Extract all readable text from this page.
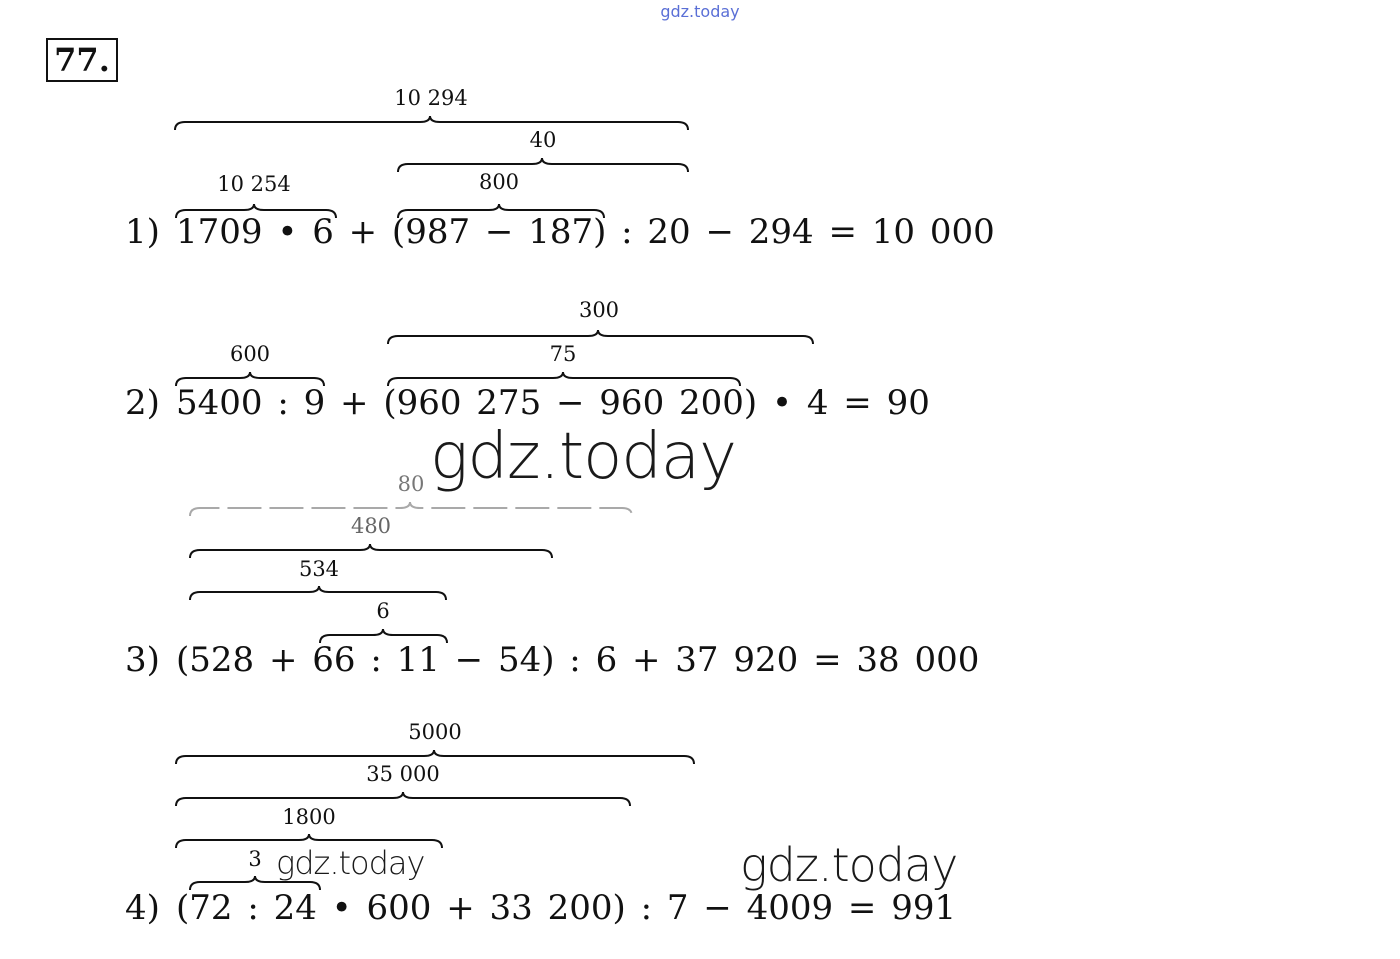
gdz.today
77.
10 294
40
10 254	800
1) 1709 • 6 + (987 − 187) : 20 − 294 = 10 000
300
600	75
2) 5400 : 9 + (960 275 − 960 200) • 4 = 90
gdz.today
80
480
534
6
3) (528 + 66 : 11 − 54) : 6 + 37 920 = 38 000
5000
35 000
1800
3 gdz.today	gdz.today
4) (72 : 24 • 600 + 33 200) : 7 − 4009 = 991
